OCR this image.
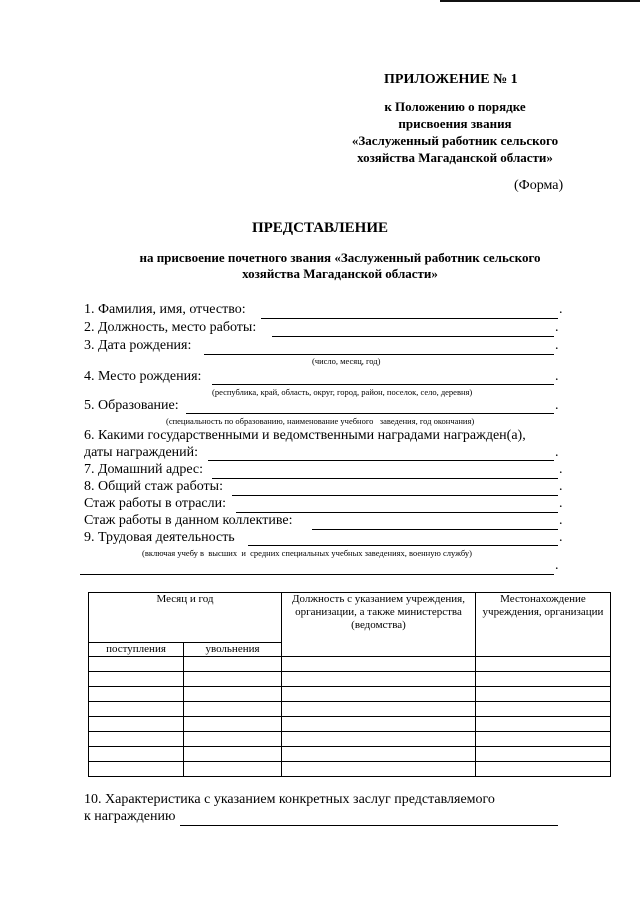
ПРИЛОЖЕНИЕ № 1
к Положению о порядке
присвоения звания
«Заслуженный работник сельского
хозяйства Магаданской области»
(Форма)
ПРЕДСТАВЛЕНИЕ
на присвоение почетного звания «Заслуженный работник сельского
хозяйства Магаданской области»
1. Фамилия, имя, отчество:	.
2. Должность, место работы:	.
3. Дата рождения:	.
(число, месяц, год)
4. Место рождения:	.
(республика, край, область, округ, город, район, поселок, село, деревня)
5. Образование:	.
(специальность по образованию, наименование учебного   заведения, год окончания)
6. Какими государственными и ведомственными наградами награжден(а),
даты награждений:	.
7. Домашний адрес:	.
8. Общий стаж работы:	.
Стаж работы в отрасли:	.
Стаж работы в данном коллективе:	.
9. Трудовая деятельность	.
(включая учебу в  высших  и  средних специальных учебных заведениях, военную службу)
.
Месяц и год		Должность с указанием учреждения, организации, а также министерства (ведомства)	Местонахождение учреждения, организации
поступления	увольнения		

10. Характеристика с указанием конкретных заслуг представляемого
к награждению
